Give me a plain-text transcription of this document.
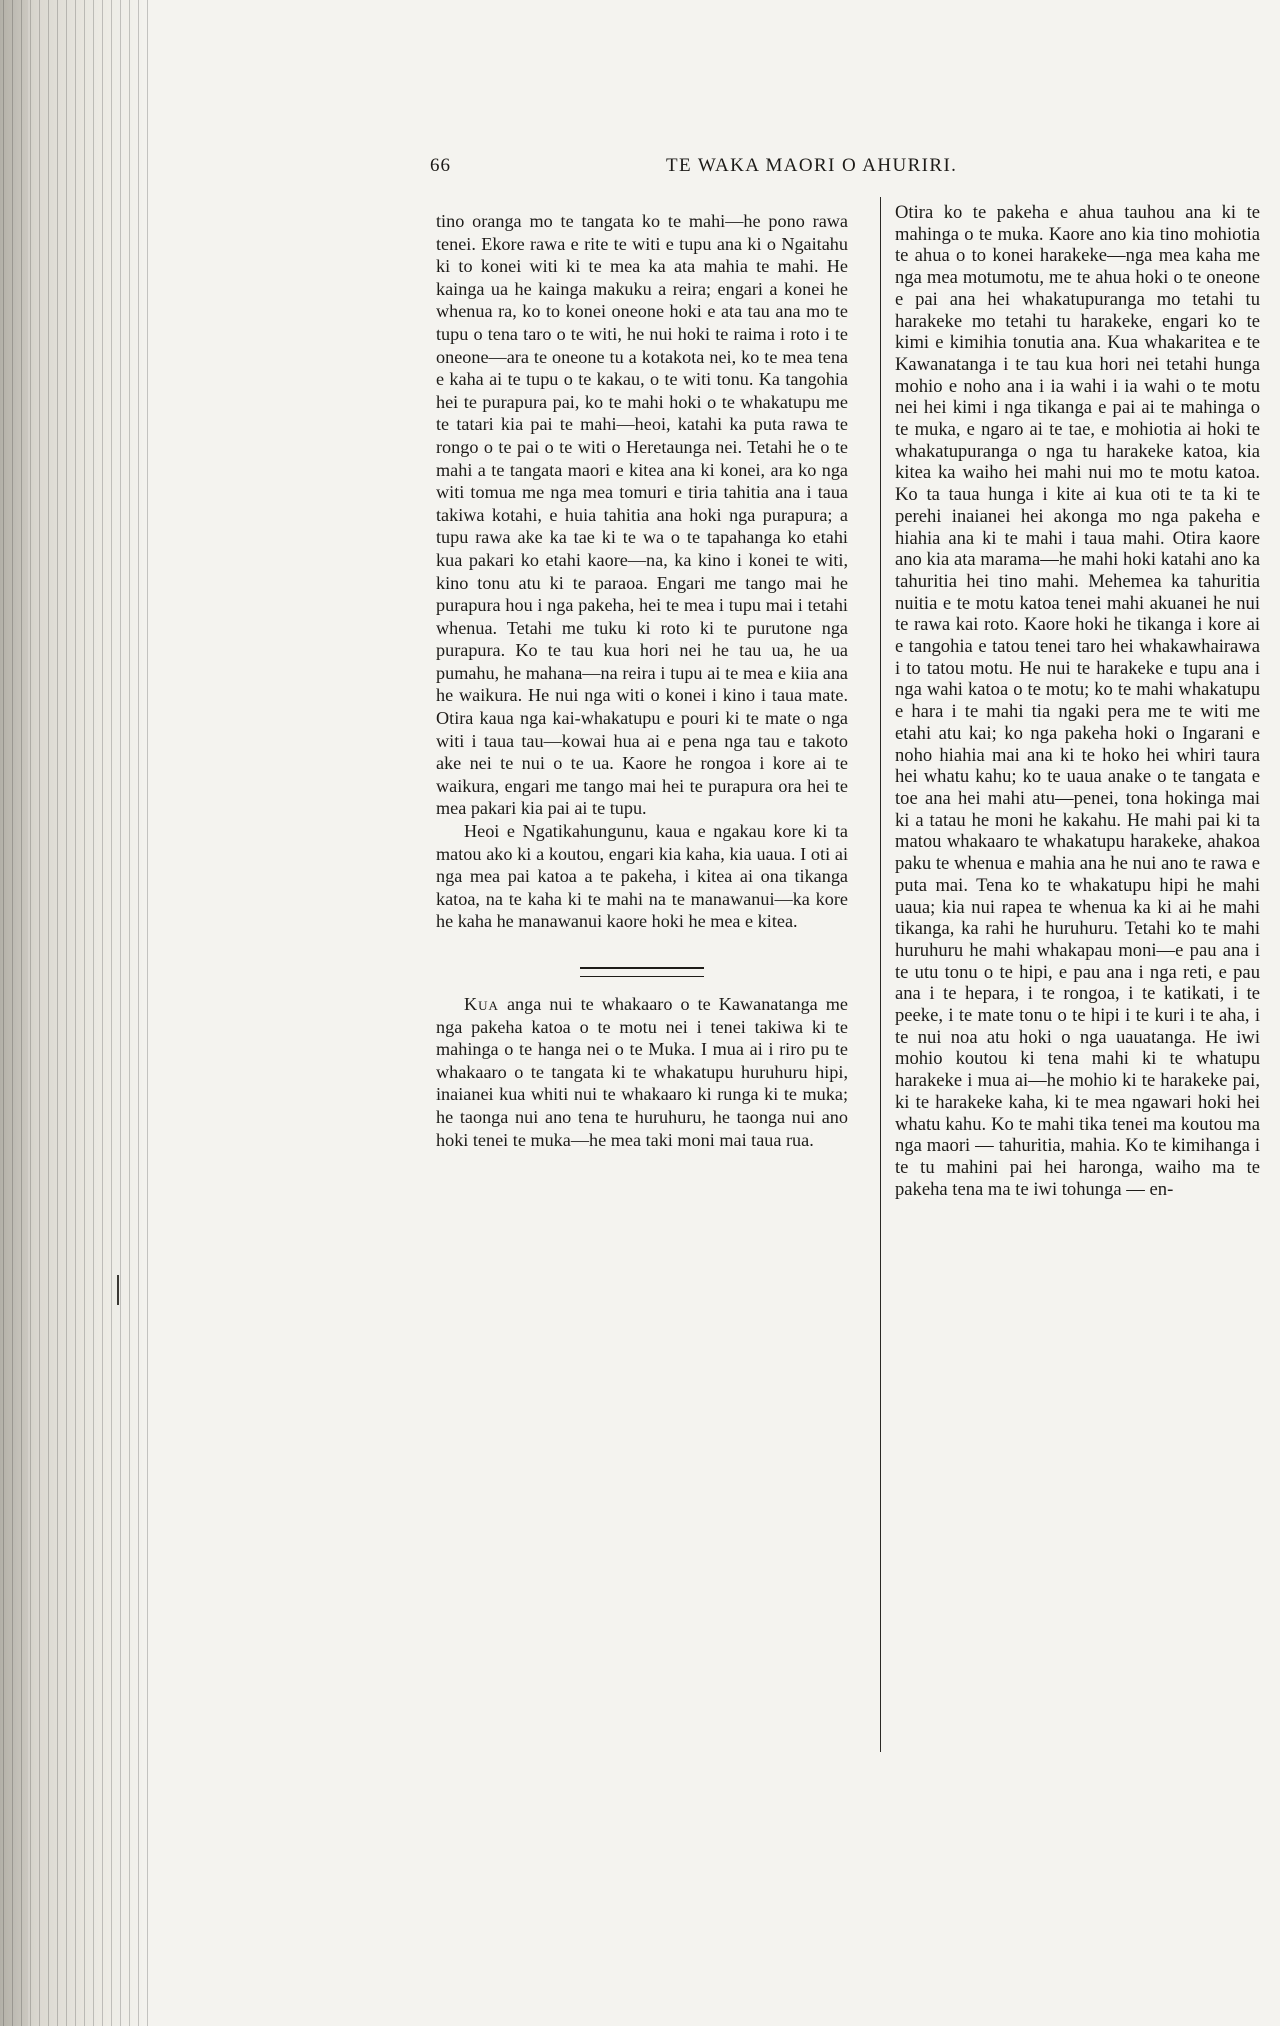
66	TE WAKA MAORI O AHURIRI.

tino oranga mo te tangata ko te mahi—he pono rawa tenei. Ekore rawa e rite te witi e tupu ana ki o Ngaitahu ki to konei witi ki te mea ka ata mahia te mahi. He kainga ua he kainga makuku a reira; engari a konei he whenua ra, ko to konei oneone hoki e ata tau ana mo te tupu o tena taro o te witi, he nui hoki te raima i roto i te oneone—ara te oneone tu a kotakota nei, ko te mea tena e kaha ai te tupu o te kakau, o te witi tonu. Ka tangohia hei te purapura pai, ko te mahi hoki o te whakatupu me te tatari kia pai te mahi—heoi, katahi ka puta rawa te rongo o te pai o te witi o Heretaunga nei. Tetahi he o te mahi a te tangata maori e kitea ana ki konei, ara ko nga witi tomua me nga mea tomuri e tiria tahitia ana i taua takiwa kotahi, e huia tahitia ana hoki nga purapura; a tupu rawa ake ka tae ki te wa o te tapahanga ko etahi kua pakari ko etahi kaore—na, ka kino i konei te witi, kino tonu atu ki te paraoa. Engari me tango mai he purapura hou i nga pakeha, hei te mea i tupu mai i tetahi whenua. Tetahi me tuku ki roto ki te purutone nga purapura. Ko te tau kua hori nei he tau ua, he ua pumahu, he mahana—na reira i tupu ai te mea e kiia ana he waikura. He nui nga witi o konei i kino i taua mate. Otira kaua nga kai-whakatupu e pouri ki te mate o nga witi i taua tau—kowai hua ai e pena nga tau e takoto ake nei te nui o te ua. Kaore he rongoa i kore ai te waikura, engari me tango mai hei te purapura ora hei te mea pakari kia pai ai te tupu.

Heoi e Ngatikahungunu, kaua e ngakau kore ki ta matou ako ki a koutou, engari kia kaha, kia uaua. I oti ai nga mea pai katoa a te pakeha, i kitea ai ona tikanga katoa, na te kaha ki te mahi na te manawanui—ka kore he kaha he manawanui kaore hoki he mea e kitea.

Kua anga nui te whakaaro o te Kawanatanga me nga pakeha katoa o te motu nei i tenei takiwa ki te mahinga o te hanga nei o te Muka. I mua ai i riro pu te whakaaro o te tangata ki te whakatupu huruhuru hipi, inaianei kua whiti nui te whakaaro ki runga ki te muka; he taonga nui ano tena te huruhuru, he taonga nui ano hoki tenei te muka—he mea taki moni mai taua rua.

Otira ko te pakeha e ahua tauhou ana ki te mahinga o te muka. Kaore ano kia tino mohiotia te ahua o to konei harakeke—nga mea kaha me nga mea motumotu, me te ahua hoki o te oneone e pai ana hei whakatupuranga mo tetahi tu harakeke mo tetahi tu harakeke, engari ko te kimi e kimihia tonutia ana. Kua whakaritea e te Kawanatanga i te tau kua hori nei tetahi hunga mohio e noho ana i ia wahi i ia wahi o te motu nei hei kimi i nga tikanga e pai ai te mahinga o te muka, e ngaro ai te tae, e mohiotia ai hoki te whakatupuranga o nga tu harakeke katoa, kia kitea ka waiho hei mahi nui mo te motu katoa. Ko ta taua hunga i kite ai kua oti te ta ki te perehi inaianei hei akonga mo nga pakeha e hiahia ana ki te mahi i taua mahi. Otira kaore ano kia ata marama—he mahi hoki katahi ano ka tahuritia hei tino mahi. Mehemea ka tahuritia nuitia e te motu katoa tenei mahi akuanei he nui te rawa kai roto. Kaore hoki he tikanga i kore ai e tangohia e tatou tenei taro hei whakawhairawa i to tatou motu. He nui te harakeke e tupu ana i nga wahi katoa o te motu; ko te mahi whakatupu e hara i te mahi tia ngaki pera me te witi me etahi atu kai; ko nga pakeha hoki o Ingarani e noho hiahia mai ana ki te hoko hei whiri taura hei whatu kahu; ko te uaua anake o te tangata e toe ana hei mahi atu—penei, tona hokinga mai ki a tatau he moni he kakahu. He mahi pai ki ta matou whakaaro te whakatupu harakeke, ahakoa paku te whenua e mahia ana he nui ano te rawa e puta mai. Tena ko te whakatupu hipi he mahi uaua; kia nui rapea te whenua ka ki ai he mahi tikanga, ka rahi he huruhuru. Tetahi ko te mahi huruhuru he mahi whakapau moni—e pau ana i te utu tonu o te hipi, e pau ana i nga reti, e pau ana i te hepara, i te rongoa, i te katikati, i te peeke, i te mate tonu o te hipi i te kuri i te aha, i te nui noa atu hoki o nga uauatanga. He iwi mohio koutou ki tena mahi ki te whatupu harakeke i mua ai—he mohio ki te harakeke pai, ki te harakeke kaha, ki te mea ngawari hoki hei whatu kahu. Ko te mahi tika tenei ma koutou ma nga maori — tahuritia, mahia. Ko te kimihanga i te tu mahini pai hei haronga, waiho ma te pakeha tena ma te iwi tohunga — en-
